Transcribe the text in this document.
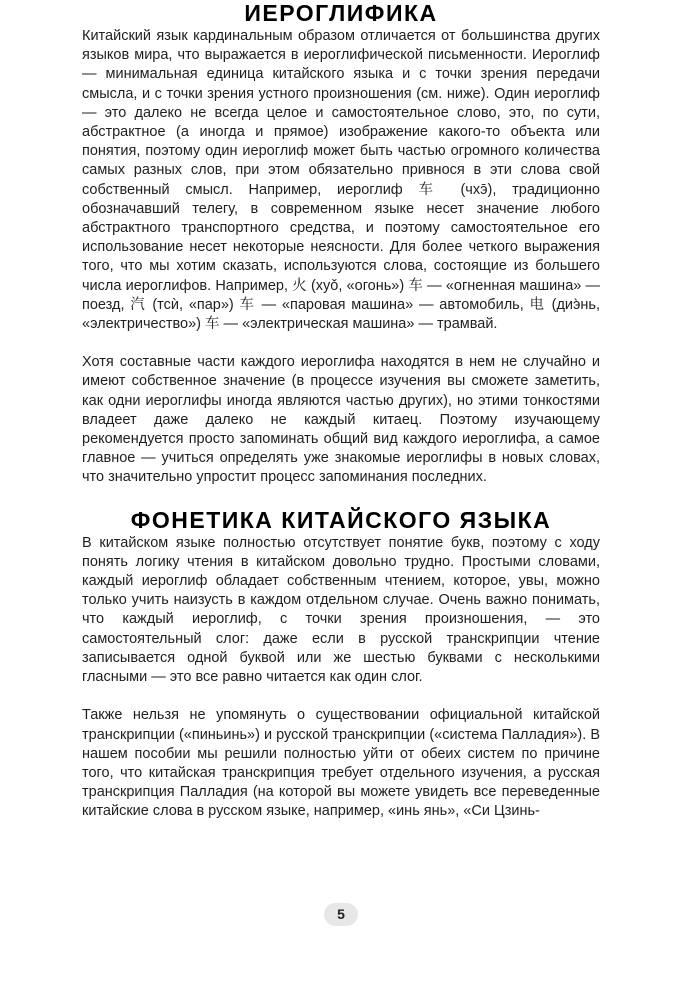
ИЕРОГЛИФИКА

Китайский язык кардинальным образом отличается от большинства других языков мира, что выражается в иероглифической письменности. Иероглиф — минимальная единица китайского языка и с точки зрения передачи смысла, и с точки зрения устного произношения (см. ниже). Один иероглиф — это далеко не всегда целое и самостоятельное слово, это, по сути, абстрактное (а иногда и прямое) изображение какого-то объекта или понятия, поэтому один иероглиф может быть частью огромного количества самых разных слов, при этом обязательно привнося в эти слова свой собственный смысл. Например, иероглиф 车 (чхэ̄), традиционно обозначавший телегу, в современном языке несет значение любого абстрактного транспортного средства, и поэтому самостоятельное его использование несет некоторые неясности. Для более четкого выражения того, что мы хотим сказать, используются слова, состоящие из большего числа иероглифов. Например, 火 (хуǒ, «огонь») 车 — «огненная машина» — поезд, 汽 (тсѝ, «пар») 车 — «паровая машина» — автомобиль, 电 (диэ̀нь, «электричество») 车 — «электрическая машина» — трамвай.

Хотя составные части каждого иероглифа находятся в нем не случайно и имеют собственное значение (в процессе изучения вы сможете заметить, как одни иероглифы иногда являются частью других), но этими тонкостями владеет даже далеко не каждый китаец. Поэтому изучающему рекомендуется просто запоминать общий вид каждого иероглифа, а самое главное — учиться определять уже знакомые иероглифы в новых словах, что значительно упростит процесс запоминания последних.

ФОНЕТИКА КИТАЙСКОГО ЯЗЫКА

В китайском языке полностью отсутствует понятие букв, поэтому с ходу понять логику чтения в китайском довольно трудно. Простыми словами, каждый иероглиф обладает собственным чтением, которое, увы, можно только учить наизусть в каждом отдельном случае. Очень важно понимать, что каждый иероглиф, с точки зрения произношения, — это самостоятельный слог: даже если в русской транскрипции чтение записывается одной буквой или же шестью буквами с несколькими гласными — это все равно читается как один слог.

Также нельзя не упомянуть о существовании официальной китайской транскрипции («пиньинь») и русской транскрипции («система Палладия»). В нашем пособии мы решили полностью уйти от обеих систем по причине того, что китайская транскрипция требует отдельного изучения, а русская транскрипция Палладия (на которой вы можете увидеть все переведенные китайские слова в русском языке, например, «инь янь», «Си Цзинь-

5
